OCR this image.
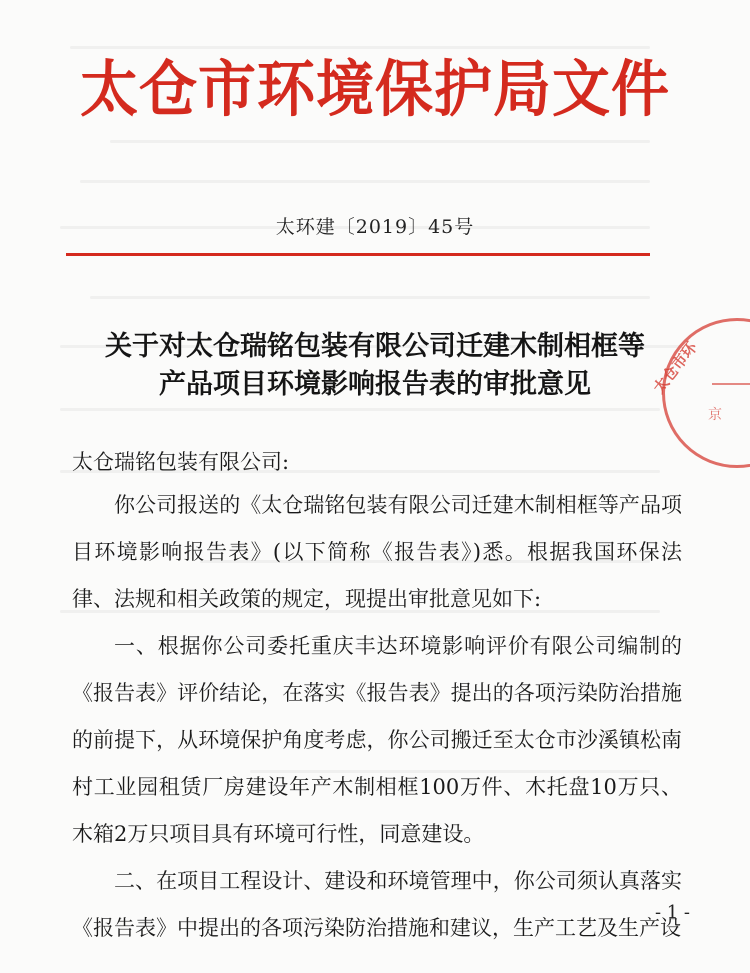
太仓市环境保护局文件
太环建〔2019〕45号
关于对太仓瑞铭包装有限公司迁建木制相框等
产品项目环境影响报告表的审批意见	太仓市环
京
太仓瑞铭包装有限公司:

你公司报送的《太仓瑞铭包装有限公司迁建木制相框等产品项目环境影响报告表》(以下简称《报告表》)悉。根据我国环保法律、法规和相关政策的规定，现提出审批意见如下:

一、根据你公司委托重庆丰达环境影响评价有限公司编制的《报告表》评价结论，在落实《报告表》提出的各项污染防治措施的前提下，从环境保护角度考虑，你公司搬迁至太仓市沙溪镇松南村工业园租赁厂房建设年产木制相框100万件、木托盘10万只、木箱2万只项目具有环境可行性，同意建设。

二、在项目工程设计、建设和环境管理中，你公司须认真落实《报告表》中提出的各项污染防治措施和建议，生产工艺及生产设

- 1 -
